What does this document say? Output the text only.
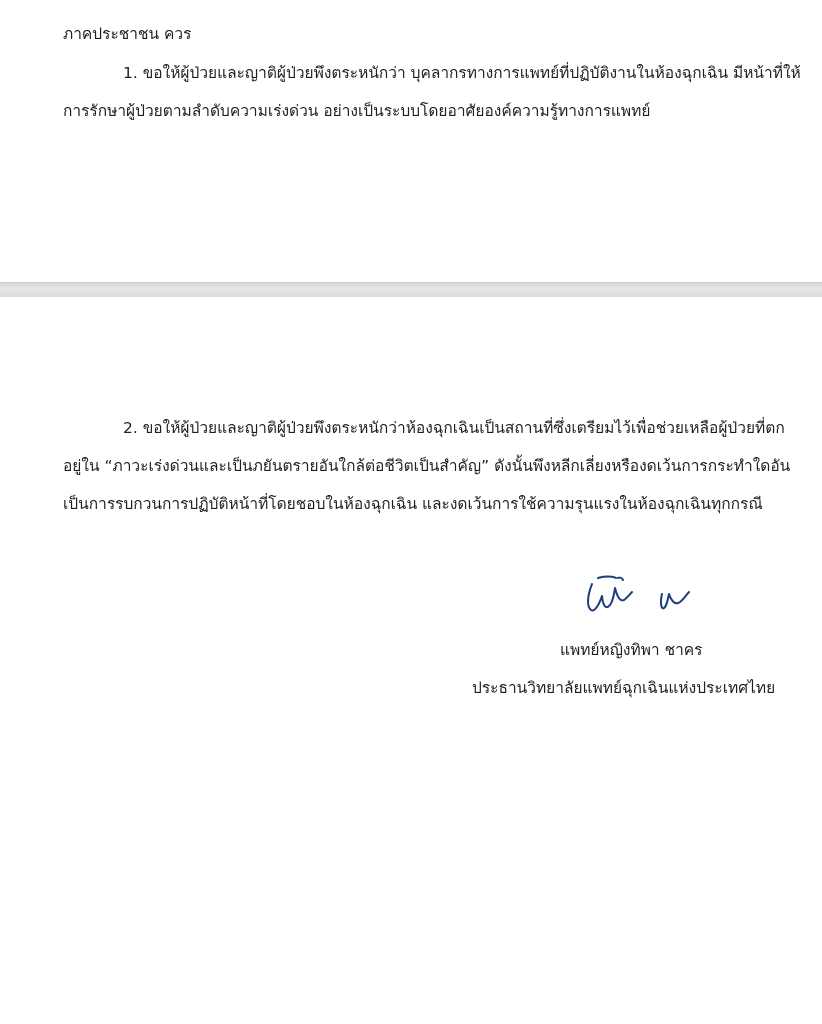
ภาคประชาชน ควร
1. ขอให้ผู้ป่วยและญาติผู้ป่วยพึงตระหนักว่า บุคลากรทางการแพทย์ที่ปฏิบัติงานในห้องฉุกเฉิน มีหน้าที่ให้
การรักษาผู้ป่วยตามลำดับความเร่งด่วน อย่างเป็นระบบโดยอาศัยองค์ความรู้ทางการแพทย์
2. ขอให้ผู้ป่วยและญาติผู้ป่วยพึงตระหนักว่าห้องฉุกเฉินเป็นสถานที่ซึ่งเตรียมไว้เพื่อช่วยเหลือผู้ป่วยที่ตก
อยู่ใน “ภาวะเร่งด่วนและเป็นภยันตรายอันใกล้ต่อชีวิตเป็นสำคัญ” ดังนั้นพึงหลีกเลี่ยงหรืองดเว้นการกระทำใดอัน
เป็นการรบกวนการปฏิบัติหน้าที่โดยชอบในห้องฉุกเฉิน และงดเว้นการใช้ความรุนแรงในห้องฉุกเฉินทุกกรณี
แพทย์หญิงทิพา ชาคร
ประธานวิทยาลัยแพทย์ฉุกเฉินแห่งประเทศไทย
